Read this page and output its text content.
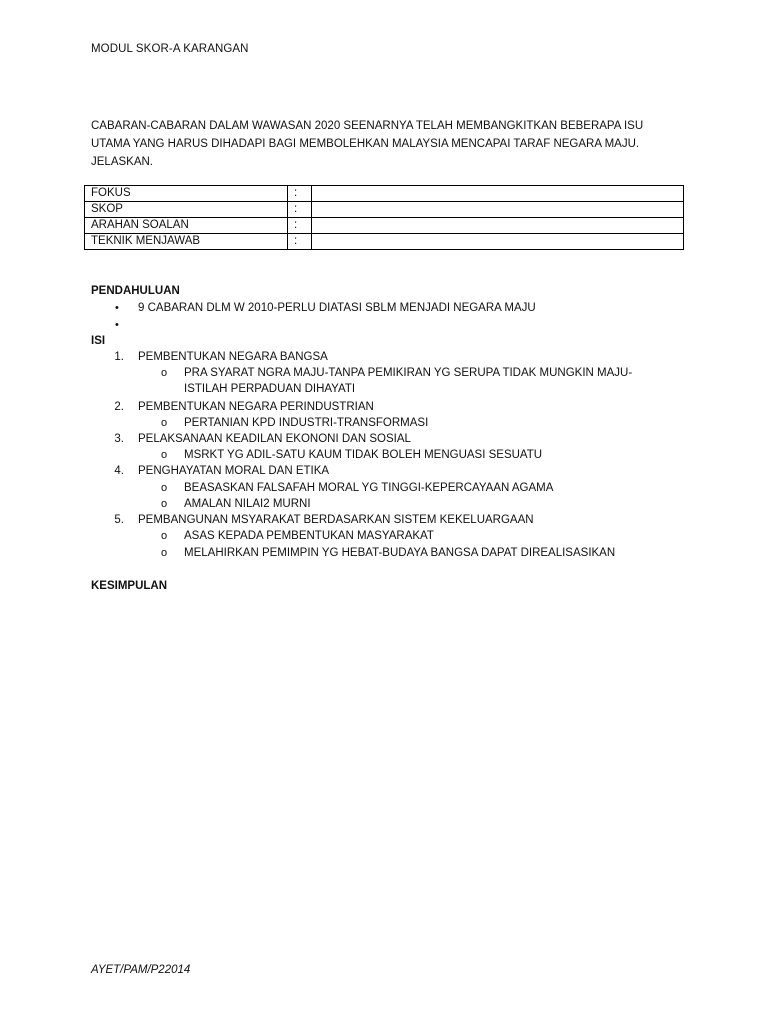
MODUL SKOR-A KARANGAN
CABARAN-CABARAN DALAM WAWASAN 2020 SEENARNYA TELAH MEMBANGKITKAN BEBERAPA ISU
UTAMA YANG HARUS DIHADAPI BAGI MEMBOLEHKAN MALAYSIA MENCAPAI TARAF NEGARA MAJU.
JELASKAN.
FOKUS	:	
SKOP	:	
ARAHAN SOALAN	:	
TEKNIK MENJAWAB	:	
PENDAHULUAN
• 9 CABARAN DLM W 2010-PERLU DIATASI SBLM MENJADI NEGARA MAJU
•
ISI
1. PEMBENTUKAN NEGARA BANGSA
o PRA SYARAT NGRA MAJU-TANPA PEMIKIRAN YG SERUPA TIDAK MUNGKIN MAJU-
ISTILAH PERPADUAN DIHAYATI
2. PEMBENTUKAN NEGARA PERINDUSTRIAN
o PERTANIAN KPD INDUSTRI-TRANSFORMASI
3. PELAKSANAAN KEADILAN EKONONI DAN SOSIAL
o MSRKT YG ADIL-SATU KAUM TIDAK BOLEH MENGUASI SESUATU
4. PENGHAYATAN MORAL DAN ETIKA
o BEASASKAN FALSAFAH MORAL YG TINGGI-KEPERCAYAAN AGAMA
o AMALAN NILAI2 MURNI
5. PEMBANGUNAN MSYARAKAT BERDASARKAN SISTEM KEKELUARGAAN
o ASAS KEPADA PEMBENTUKAN MASYARAKAT
o MELAHIRKAN PEMIMPIN YG HEBAT-BUDAYA BANGSA DAPAT DIREALISASIKAN
KESIMPULAN
AYET/PAM/P22014
